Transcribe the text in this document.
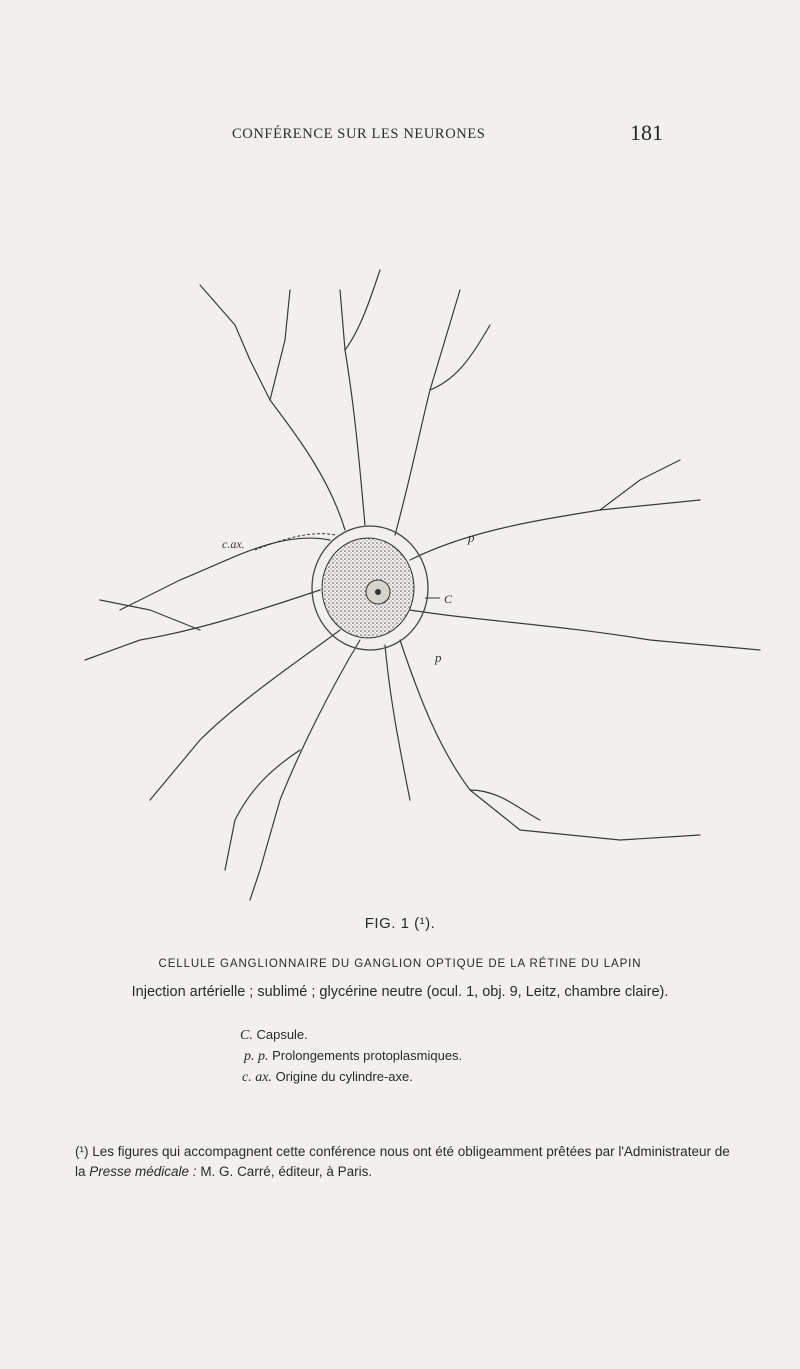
CONFÉRENCE SUR LES NEURONES	181
c.ax.
C
p
p
FIG. 1 (¹).
CELLULE GANGLIONNAIRE DU GANGLION OPTIQUE DE LA RÉTINE DU LAPIN
Injection artérielle ; sublimé ; glycérine neutre (ocul. 1, obj. 9, Leitz, chambre claire).
C. Capsule.
p. p. Prolongements protoplasmiques.
c. ax. Origine du cylindre-axe.
(¹) Les figures qui accompagnent cette conférence nous ont été obligeamment prêtées par l'Administrateur de la Presse médicale : M. G. Carré, éditeur, à Paris.
